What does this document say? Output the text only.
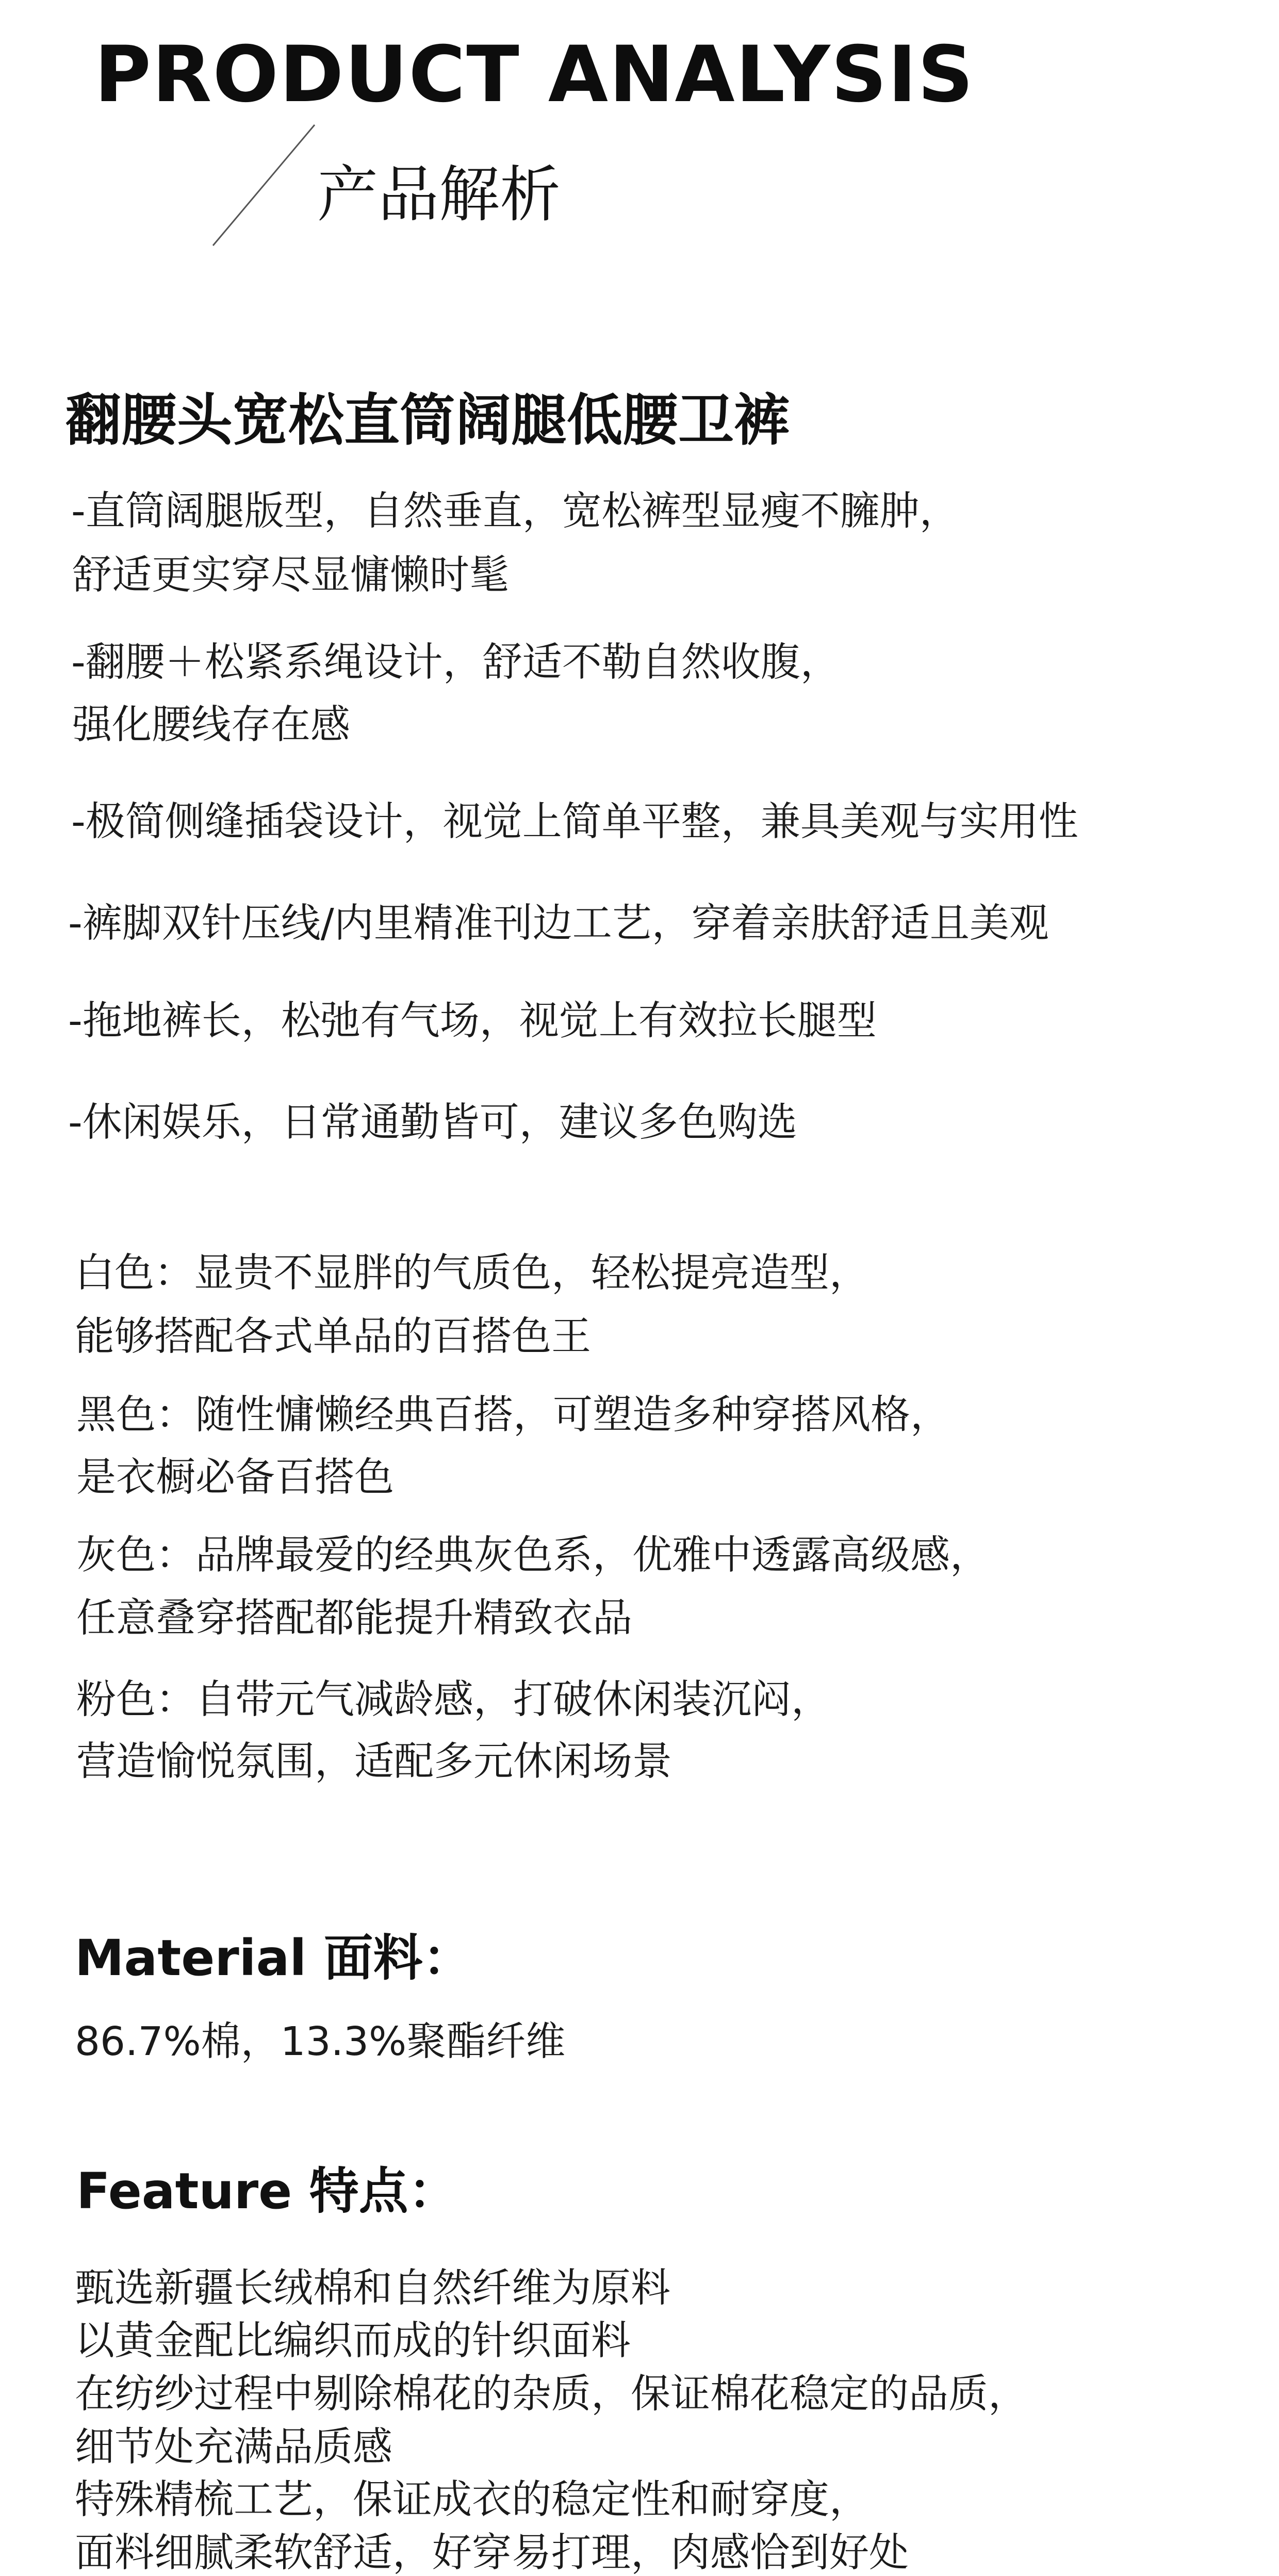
PRODUCT ANALYSIS
产品解析
翻腰头宽松直筒阔腿低腰卫裤
-直筒阔腿版型，自然垂直，宽松裤型显瘦不臃肿，
舒适更实穿尽显慵懒时髦
-翻腰＋松紧系绳设计，舒适不勒自然收腹，
强化腰线存在感
-极简侧缝插袋设计，视觉上简单平整，兼具美观与实用性
-裤脚双针压线/内里精准刊边工艺，穿着亲肤舒适且美观
-拖地裤长，松弛有气场，视觉上有效拉长腿型
-休闲娱乐，日常通勤皆可，建议多色购选
白色：显贵不显胖的气质色，轻松提亮造型，
能够搭配各式单品的百搭色王
黑色：随性慵懒经典百搭，可塑造多种穿搭风格，
是衣橱必备百搭色
灰色：品牌最爱的经典灰色系，优雅中透露高级感，
任意叠穿搭配都能提升精致衣品
粉色：自带元气减龄感，打破休闲装沉闷，
营造愉悦氛围，适配多元休闲场景
Material 面料：
86.7%棉，13.3%聚酯纤维
Feature 特点：
甄选新疆长绒棉和自然纤维为原料
以黄金配比编织而成的针织面料
在纺纱过程中剔除棉花的杂质，保证棉花稳定的品质，
细节处充满品质感
特殊精梳工艺，保证成衣的稳定性和耐穿度，
面料细腻柔软舒适，好穿易打理，肉感恰到好处
